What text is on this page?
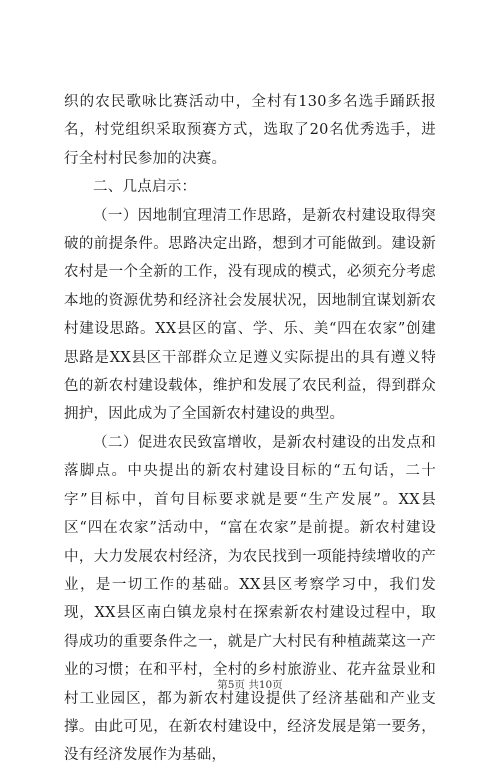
织的农民歌咏比赛活动中，全村有130多名选手踊跃报名，村党组织采取预赛方式，选取了20名优秀选手，进行全村村民参加的决赛。

二、几点启示：

（一）因地制宜理清工作思路，是新农村建设取得突破的前提条件。思路决定出路，想到才可能做到。建设新农村是一个全新的工作，没有现成的模式，必须充分考虑本地的资源优势和经济社会发展状况，因地制宜谋划新农村建设思路。XX县区的富、学、乐、美“四在农家”创建思路是XX县区干部群众立足遵义实际提出的具有遵义特色的新农村建设载体，维护和发展了农民利益，得到群众拥护，因此成为了全国新农村建设的典型。

（二）促进农民致富增收，是新农村建设的出发点和落脚点。中央提出的新农村建设目标的“五句话，二十字”目标中，首句目标要求就是要“生产发展”。XX县区“四在农家”活动中，“富在农家”是前提。新农村建设中，大力发展农村经济，为农民找到一项能持续增收的产业，是一切工作的基础。XX县区考察学习中，我们发现，XX县区南白镇龙泉村在探索新农村建设过程中，取得成功的重要条件之一，就是广大村民有种植蔬菜这一产业的习惯；在和平村，全村的乡村旅游业、花卉盆景业和村工业园区，都为新农村建设提供了经济基础和产业支撑。由此可见，在新农村建设中，经济发展是第一要务，没有经济发展作为基础，

第5页 共10页
